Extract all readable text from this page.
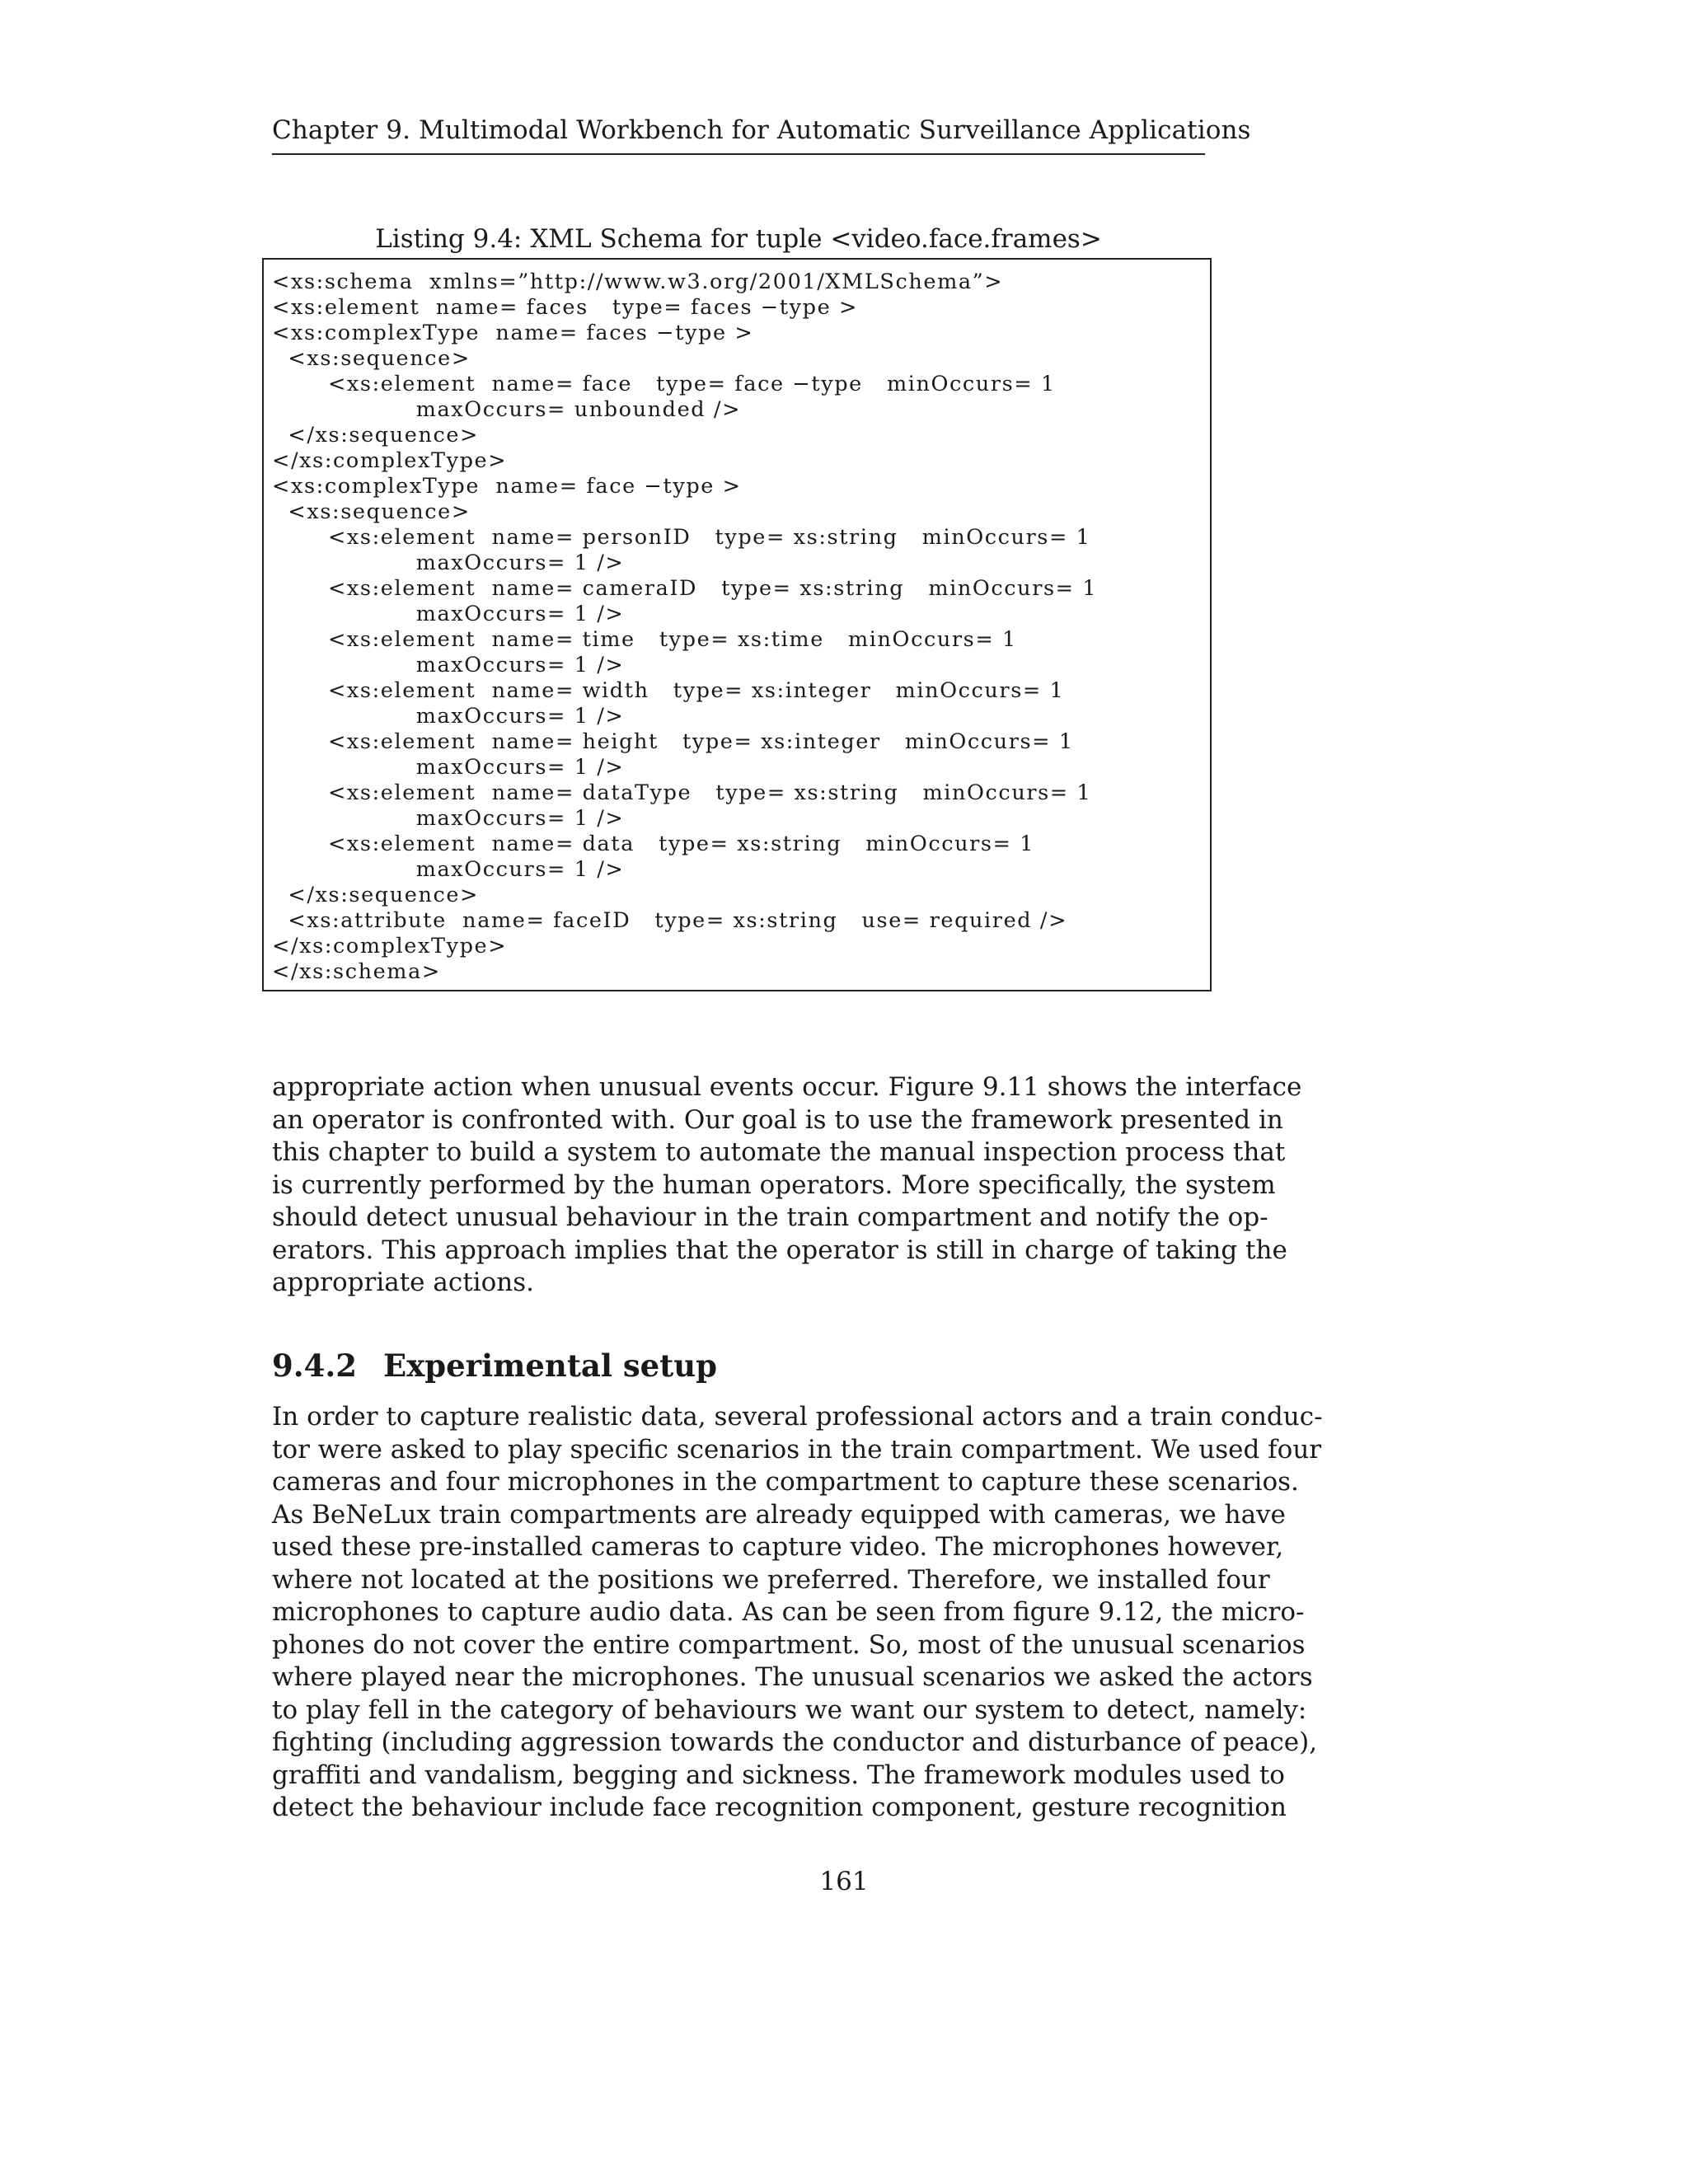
Chapter 9. Multimodal Workbench for Automatic Surveillance Applications
Listing 9.4: XML Schema for tuple <video.face.frames>
<xs:schema  xmlns=”http://www.w3.org/2001/XMLSchema”>
<xs:element  name= faces   type= faces −type >
<xs:complexType  name= faces −type >
<xs:sequence>
<xs:element  name= face   type= face −type   minOccurs= 1
maxOccurs= unbounded />
</xs:sequence>
</xs:complexType>
<xs:complexType  name= face −type >
<xs:sequence>
<xs:element  name= personID   type= xs:string   minOccurs= 1
maxOccurs= 1 />
<xs:element  name= cameraID   type= xs:string   minOccurs= 1
maxOccurs= 1 />
<xs:element  name= time   type= xs:time   minOccurs= 1
maxOccurs= 1 />
<xs:element  name= width   type= xs:integer   minOccurs= 1
maxOccurs= 1 />
<xs:element  name= height   type= xs:integer   minOccurs= 1
maxOccurs= 1 />
<xs:element  name= dataType   type= xs:string   minOccurs= 1
maxOccurs= 1 />
<xs:element  name= data   type= xs:string   minOccurs= 1
maxOccurs= 1 />
</xs:sequence>
<xs:attribute  name= faceID   type= xs:string   use= required />
</xs:complexType>
</xs:schema>
appropriate action when unusual events occur. Figure 9.11 shows the interface
an operator is confronted with. Our goal is to use the framework presented in
this chapter to build a system to automate the manual inspection process that
is currently performed by the human operators. More specifically, the system
should detect unusual behaviour in the train compartment and notify the op-
erators. This approach implies that the operator is still in charge of taking the
appropriate actions.
9.4.2 Experimental setup
In order to capture realistic data, several professional actors and a train conduc-
tor were asked to play specific scenarios in the train compartment. We used four
cameras and four microphones in the compartment to capture these scenarios.
As BeNeLux train compartments are already equipped with cameras, we have
used these pre-installed cameras to capture video. The microphones however,
where not located at the positions we preferred. Therefore, we installed four
microphones to capture audio data. As can be seen from figure 9.12, the micro-
phones do not cover the entire compartment. So, most of the unusual scenarios
where played near the microphones. The unusual scenarios we asked the actors
to play fell in the category of behaviours we want our system to detect, namely:
fighting (including aggression towards the conductor and disturbance of peace),
graffiti and vandalism, begging and sickness. The framework modules used to
detect the behaviour include face recognition component, gesture recognition
161
